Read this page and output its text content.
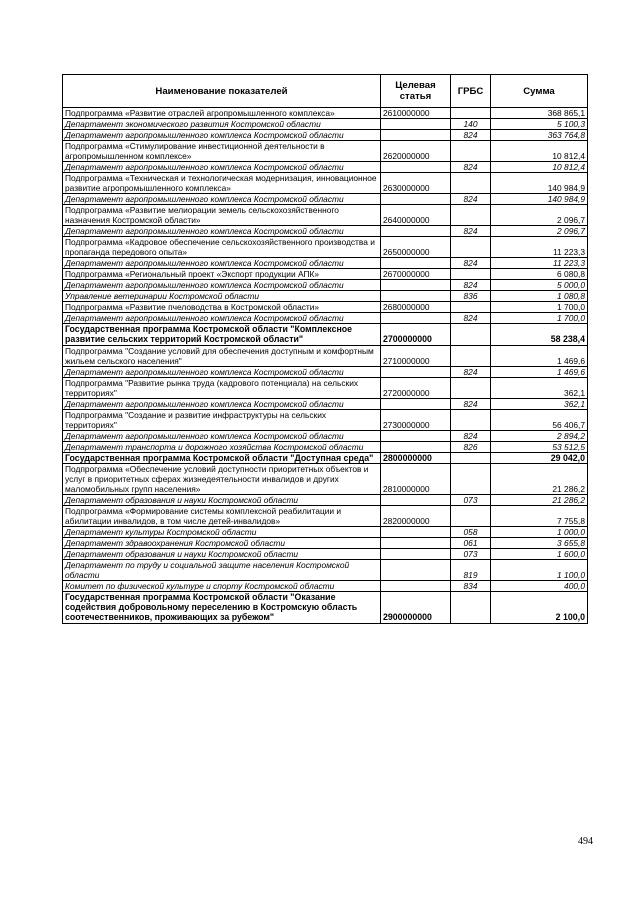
Наименование показателей	Целевая статья	ГРБС	Сумма
Подпрограмма «Развитие отраслей агропромышленного комплекса»	2610000000		368 865,1
Департамент экономического развития Костромской области		140	5 100,3
Департамент агропромышленного комплекса Костромской области		824	363 764,8
Подпрограмма «Стимулирование инвестиционной деятельности в агропромышленном комплексе»	2620000000		10 812,4
Департамент агропромышленного комплекса Костромской области		824	10 812,4
Подпрограмма «Техническая и технологическая модернизация, инновационное развитие агропромышленного комплекса»	2630000000		140 984,9
Департамент агропромышленного комплекса Костромской области		824	140 984,9
Подпрограмма «Развитие мелиорации земель сельскохозяйственного назначения Костромской области»	2640000000		2 096,7
Департамент агропромышленного комплекса Костромской области		824	2 096,7
Подпрограмма «Кадровое обеспечение сельскохозяйственного производства и пропаганда передового опыта»	2650000000		11 223,3
Департамент агропромышленного комплекса Костромской области		824	11 223,3
Подпрограмма «Региональный проект «Экспорт продукции АПК»	2670000000		6 080,8
Департамент агропромышленного комплекса Костромской области		824	5 000,0
Управление ветеринарии Костромской области		836	1 080,8
Подпрограмма «Развитие пчеловодства в Костромской области»	2680000000		1 700,0
Департамент агропромышленного комплекса Костромской области		824	1 700,0
Государственная программа Костромской области "Комплексное развитие сельских территорий Костромской области"	2700000000		58 238,4
Подпрограмма "Создание условий для обеспечения доступным и комфортным жильем сельского населения"	2710000000		1 469,6
Департамент агропромышленного комплекса Костромской области		824	1 469,6
Подпрограмма "Развитие рынка труда (кадрового потенциала) на сельских территориях"	2720000000		362,1
Департамент агропромышленного комплекса Костромской области		824	362,1
Подпрограмма "Создание и развитие инфраструктуры на сельских территориях"	2730000000		56 406,7
Департамент агропромышленного комплекса Костромской области		824	2 894,2
Департамент транспорта и дорожного хозяйства Костромской области		826	53 512,5
Государственная программа Костромской области "Доступная среда"	2800000000		29 042,0
Подпрограмма «Обеспечение условий доступности приоритетных объектов и услуг в приоритетных сферах жизнедеятельности инвалидов и других маломобильных групп населения»	2810000000		21 286,2
Департамент образования и науки Костромской области		073	21 286,2
Подпрограмма «Формирование системы комплексной реабилитации и абилитации инвалидов, в том числе детей-инвалидов»	2820000000		7 755,8
Департамент культуры Костромской области		058	1 000,0
Департамент здравоохранения Костромской области		061	3 655,8
Департамент образования и науки Костромской области		073	1 600,0
Департамент по труду и социальной защите населения Костромской области		819	1 100,0
Комитет по физической культуре и спорту Костромской области		834	400,0
Государственная программа Костромской области "Оказание содействия добровольному переселению в Костромскую область соотечественников, проживающих за рубежом"	2900000000		2 100,0
494
